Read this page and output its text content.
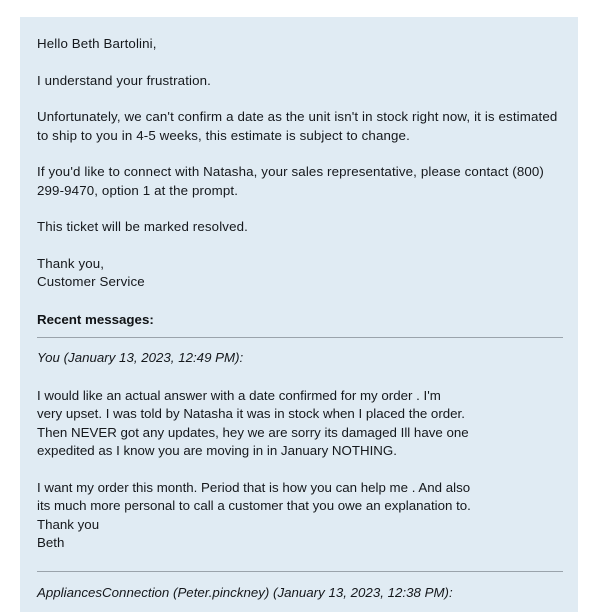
Hello Beth Bartolini,

I understand your frustration.

Unfortunately, we can't confirm a date as the unit isn't in stock right now, it is estimated to ship to you in 4-5 weeks, this estimate is subject to change.

If you'd like to connect with Natasha, your sales representative, please contact (800) 299-9470, option 1 at the prompt.

This ticket will be marked resolved.

Thank you,
Customer Service

Recent messages:

You (January 13, 2023, 12:49 PM):

I would like an actual answer with a date confirmed for my order . I'm
very upset. I was told by Natasha it was in stock when I placed the order.
Then NEVER got any updates, hey we are sorry its damaged Ill have one
expedited as I know you are moving in in January NOTHING.

I want my order this month. Period that is how you can help me . And also
its much more personal to call a customer that you owe an explanation to.
Thank you
Beth

AppliancesConnection (Peter.pinckney) (January 13, 2023, 12:38 PM):
